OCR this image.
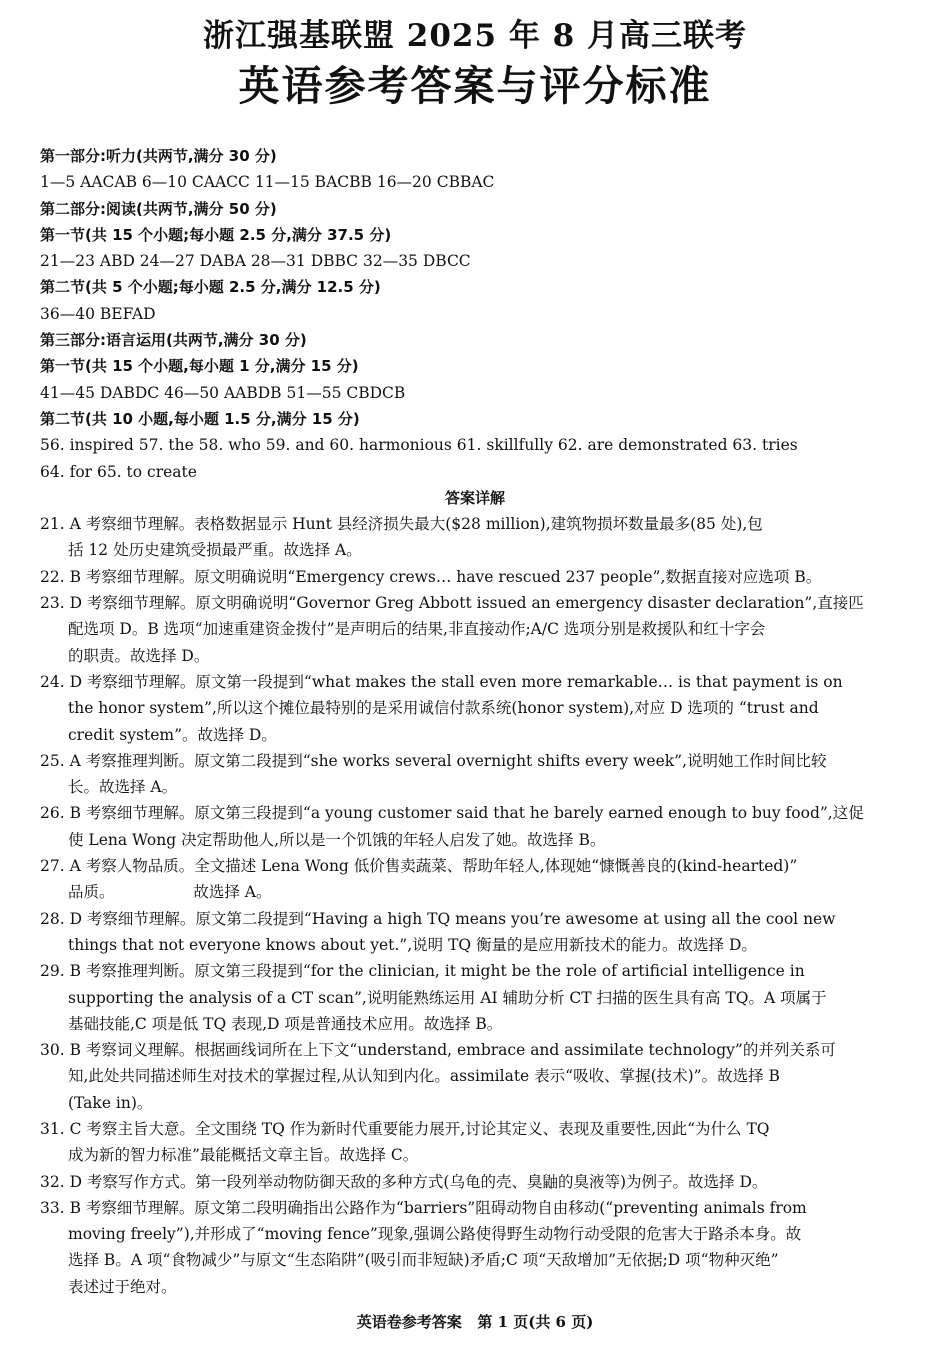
浙江强基联盟 2025 年 8 月高三联考
英语参考答案与评分标准
第一部分:听力(共两节,满分 30 分)
1—5 AACAB 6—10 CAACC 11—15 BACBB 16—20 CBBAC
第二部分:阅读(共两节,满分 50 分)
第一节(共 15 个小题;每小题 2.5 分,满分 37.5 分)
21—23 ABD 24—27 DABA 28—31 DBBC 32—35 DBCC
第二节(共 5 个小题;每小题 2.5 分,满分 12.5 分)
36—40 BEFAD
第三部分:语言运用(共两节,满分 30 分)
第一节(共 15 个小题,每小题 1 分,满分 15 分)
41—45 DABDC 46—50 AABDB 51—55 CBDCB
第二节(共 10 小题,每小题 1.5 分,满分 15 分)
56. inspired 57. the 58. who 59. and 60. harmonious 61. skillfully 62. are demonstrated 63. tries
64. for 65. to create
答案详解
21. A 考察细节理解。表格数据显示 Hunt 县经济损失最大($28 million),建筑物损坏数量最多(85 处),包
括 12 处历史建筑受损最严重。故选择 A。
22. B 考察细节理解。原文明确说明“Emergency crews… have rescued 237 people”,数据直接对应选项 B。
23. D 考察细节理解。原文明确说明“Governor Greg Abbott issued an emergency disaster declaration”,直接匹
配选项 D。B 选项“加速重建资金拨付”是声明后的结果,非直接动作;A/C 选项分别是救援队和红十字会
的职责。故选择 D。
24. D 考察细节理解。原文第一段提到“what makes the stall even more remarkable… is that payment is on
the honor system”,所以这个摊位最特别的是采用诚信付款系统(honor system),对应 D 选项的 “trust and
credit system”。故选择 D。
25. A 考察推理判断。原文第二段提到“she works several overnight shifts every week”,说明她工作时间比较
长。故选择 A。
26. B 考察细节理解。原文第三段提到“a young customer said that he barely earned enough to buy food”,这促
使 Lena Wong 决定帮助他人,所以是一个饥饿的年轻人启发了她。故选择 B。
27. A 考察人物品质。全文描述 Lena Wong 低价售卖蔬菜、帮助年轻人,体现她“慷慨善良的(kind-hearted)”
品质。                故选择 A。
28. D 考察细节理解。原文第二段提到“Having a high TQ means you’re awesome at using all the cool new
things that not everyone knows about yet.”,说明 TQ 衡量的是应用新技术的能力。故选择 D。
29. B 考察推理判断。原文第三段提到“for the clinician, it might be the role of artificial intelligence in
supporting the analysis of a CT scan”,说明能熟练运用 AI 辅助分析 CT 扫描的医生具有高 TQ。A 项属于
基础技能,C 项是低 TQ 表现,D 项是普通技术应用。故选择 B。
30. B 考察词义理解。根据画线词所在上下文“understand, embrace and assimilate technology”的并列关系可
知,此处共同描述师生对技术的掌握过程,从认知到内化。assimilate 表示“吸收、掌握(技术)”。故选择 B
(Take in)。
31. C 考察主旨大意。全文围绕 TQ 作为新时代重要能力展开,讨论其定义、表现及重要性,因此“为什么 TQ
成为新的智力标准”最能概括文章主旨。故选择 C。
32. D 考察写作方式。第一段列举动物防御天敌的多种方式(乌龟的壳、臭鼬的臭液等)为例子。故选择 D。
33. B 考察细节理解。原文第二段明确指出公路作为“barriers”阻碍动物自由移动(“preventing animals from
moving freely”),并形成了“moving fence”现象,强调公路使得野生动物行动受限的危害大于路杀本身。故
选择 B。A 项“食物减少”与原文“生态陷阱”(吸引而非短缺)矛盾;C 项“天敌增加”无依据;D 项“物种灭绝”
表述过于绝对。
英语卷参考答案   第 1 页(共 6 页)
